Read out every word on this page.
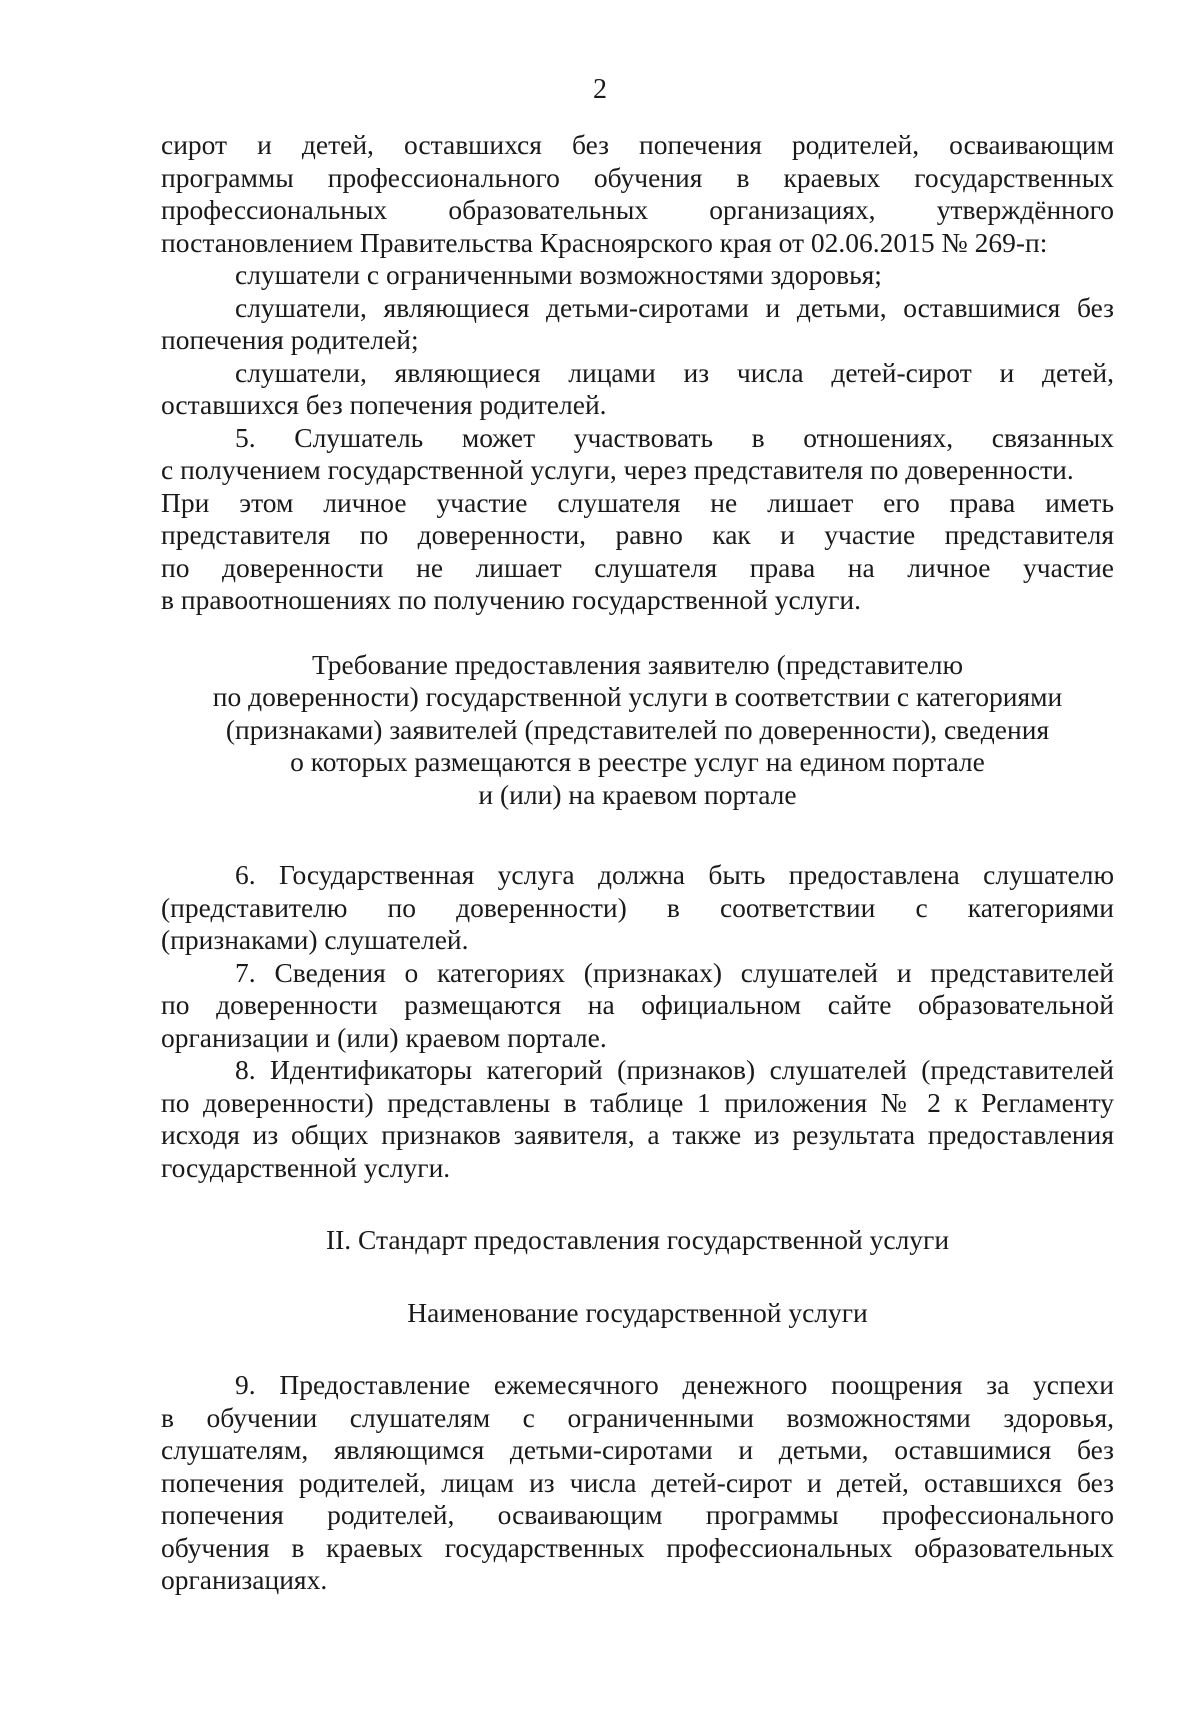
2
сирот и детей, оставшихся без попечения родителей, осваивающим
программы профессионального обучения в краевых государственных
профессиональных образовательных организациях, утверждённого
постановлением Правительства Красноярского края от 02.06.2015 № 269-п:
слушатели с ограниченными возможностями здоровья;
слушатели, являющиеся детьми-сиротами и детьми, оставшимися без
попечения родителей;
слушатели, являющиеся лицами из числа детей-сирот и детей,
оставшихся без попечения родителей.
5. Слушатель может участвовать в отношениях, связанных
с получением государственной услуги, через представителя по доверенности.
При этом личное участие слушателя не лишает его права иметь
представителя по доверенности, равно как и участие представителя
по доверенности не лишает слушателя права на личное участие
в правоотношениях по получению государственной услуги.
Требование предоставления заявителю (представителю
по доверенности) государственной услуги в соответствии с категориями
(признаками) заявителей (представителей по доверенности), сведения
о которых размещаются в реестре услуг на едином портале
и (или) на краевом портале
6. Государственная услуга должна быть предоставлена слушателю
(представителю по доверенности) в соответствии с категориями
(признаками) слушателей.
7. Сведения о категориях (признаках) слушателей и представителей
по доверенности размещаются на официальном сайте образовательной
организации и (или) краевом портале.
8. Идентификаторы категорий (признаков) слушателей (представителей
по доверенности) представлены в таблице 1 приложения № 2 к Регламенту
исходя из общих признаков заявителя, а также из результата предоставления
государственной услуги.
II. Стандарт предоставления государственной услуги
Наименование государственной услуги
9. Предоставление ежемесячного денежного поощрения за успехи
в обучении слушателям с ограниченными возможностями здоровья,
слушателям, являющимся детьми-сиротами и детьми, оставшимися без
попечения родителей, лицам из числа детей-сирот и детей, оставшихся без
попечения родителей, осваивающим программы профессионального
обучения в краевых государственных профессиональных образовательных
организациях.
